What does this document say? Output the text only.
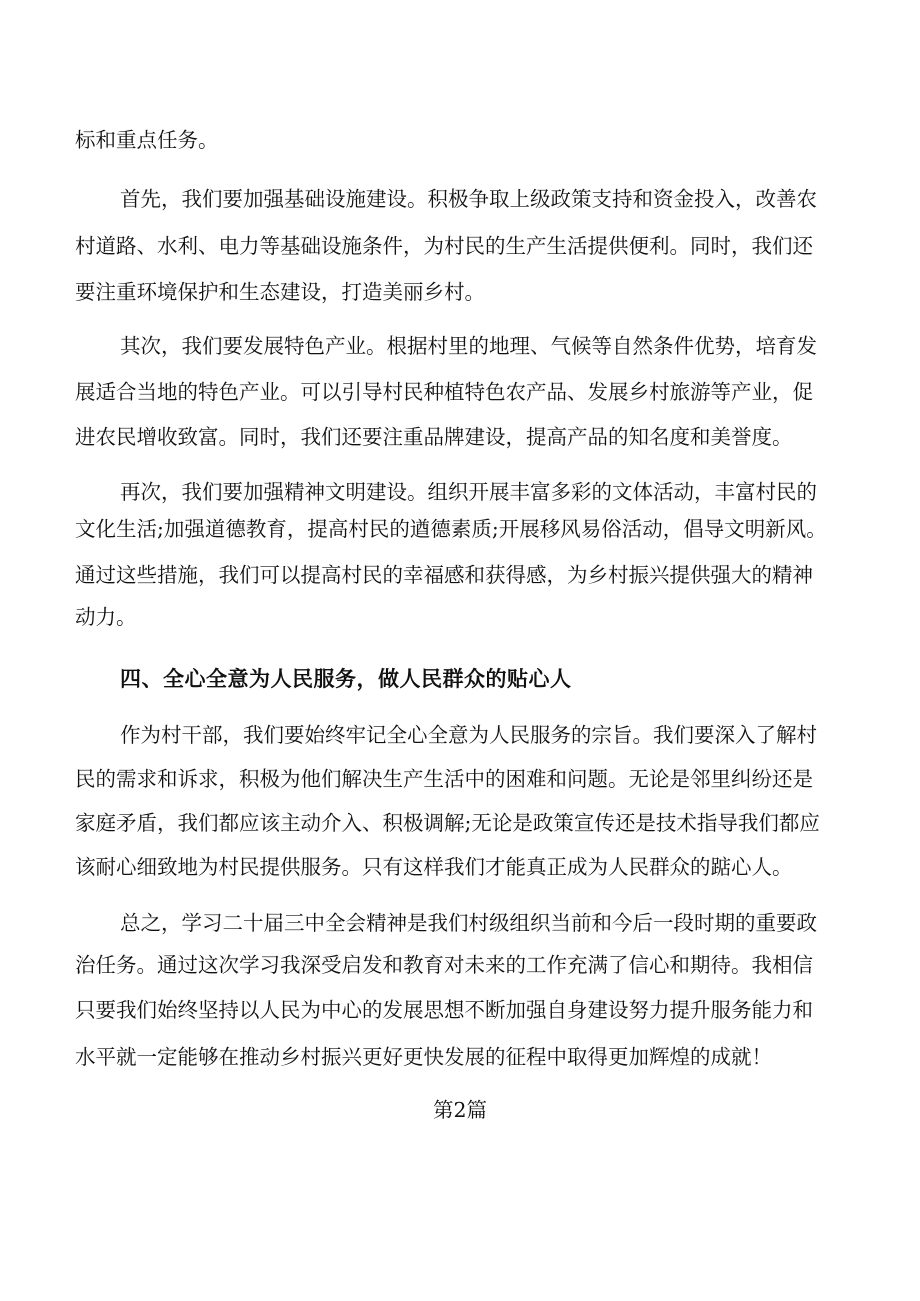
标和重点任务。

首先，我们要加强基础设施建设。积极争取上级政策支持和资金投入，改善农

村道路、水利、电力等基础设施条件，为村民的生产生活提供便利。同时，我们还

要注重环境保护和生态建设，打造美丽乡村。

其次，我们要发展特色产业。根据村里的地理、气候等自然条件优势，培育发

展适合当地的特色产业。可以引导村民种植特色农产品、发展乡村旅游等产业，促

进农民增收致富。同时，我们还要注重品牌建设，提高产品的知名度和美誉度。

再次，我们要加强精神文明建设。组织开展丰富多彩的文体活动，丰富村民的

文化生活;加强道德教育，提高村民的遒德素质;开展移风易俗活动，倡导文明新风。

通过这些措施，我们可以提高村民的幸福感和获得感，为乡村振兴提供强大的精神

动力。

四、全心全意为人民服务，做人民群众的贴心人

作为村干部，我们要始终牢记全心全意为人民服务的宗旨。我们要深入了解村

民的需求和诉求，积极为他们解决生产生活中的困难和问题。无论是邻里纠纷还是

家庭矛盾，我们都应该主动介入、积极调解;无论是政策宣传还是技术指导我们都应

该耐心细致地为村民提供服务。只有这样我们才能真正成为人民群众的踮心人。

总之，学习二十届三中全会精神是我们村级组织当前和今后一段时期的重要政

治任务。通过这次学习我深受启发和教育对未来的工作充满了信心和期待。我相信

只要我们始终坚持以人民为中心的发展思想不断加强自身建设努力提升服务能力和

水平就一定能够在推动乡村振兴更好更快发展的征程中取得更加辉煌的成就！

第2篇
